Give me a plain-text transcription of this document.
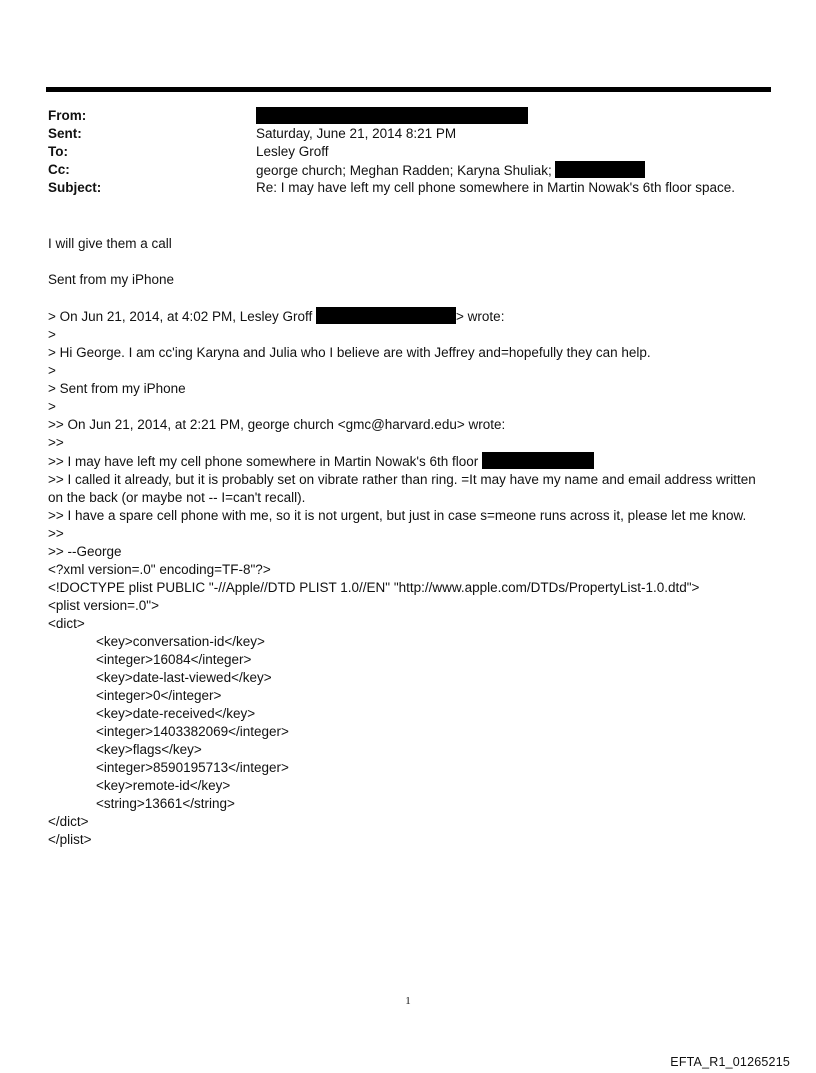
From:
Sent:	Saturday, June 21, 2014 8:21 PM
To:	Lesley Groff
Cc:	george church; Meghan Radden; Karyna Shuliak;
Subject:	Re: I may have left my cell phone somewhere in Martin Nowak's 6th floor space.
I will give them a call
Sent from my iPhone
> On Jun 21, 2014, at 4:02 PM, Lesley Groff	> wrote:
>
> Hi George. I am cc'ing Karyna and Julia who I believe are with Jeffrey and=hopefully they can help.
>
> Sent from my iPhone
>
>> On Jun 21, 2014, at 2:21 PM, george church <gmc@harvard.edu> wrote:
>>
>> I may have left my cell phone somewhere in Martin Nowak's 6th floor
>> I called it already, but it is probably set on vibrate rather than ring. =It may have my name and email address written on the back (or maybe not -- I=can't recall).
>> I have a spare cell phone with me, so it is not urgent, but just in case s=meone runs across it, please let me know.
>>
>> --George
<?xml version=.0" encoding=TF-8"?>
<!DOCTYPE plist PUBLIC "-//Apple//DTD PLIST 1.0//EN" "http://www.apple.com/DTDs/PropertyList-1.0.dtd">
<plist version=.0">
<dict>
<key>conversation-id</key>
<integer>16084</integer>
<key>date-last-viewed</key>
<integer>0</integer>
<key>date-received</key>
<integer>1403382069</integer>
<key>flags</key>
<integer>8590195713</integer>
<key>remote-id</key>
<string>13661</string>
</dict>
</plist>
1
EFTA_R1_01265215
